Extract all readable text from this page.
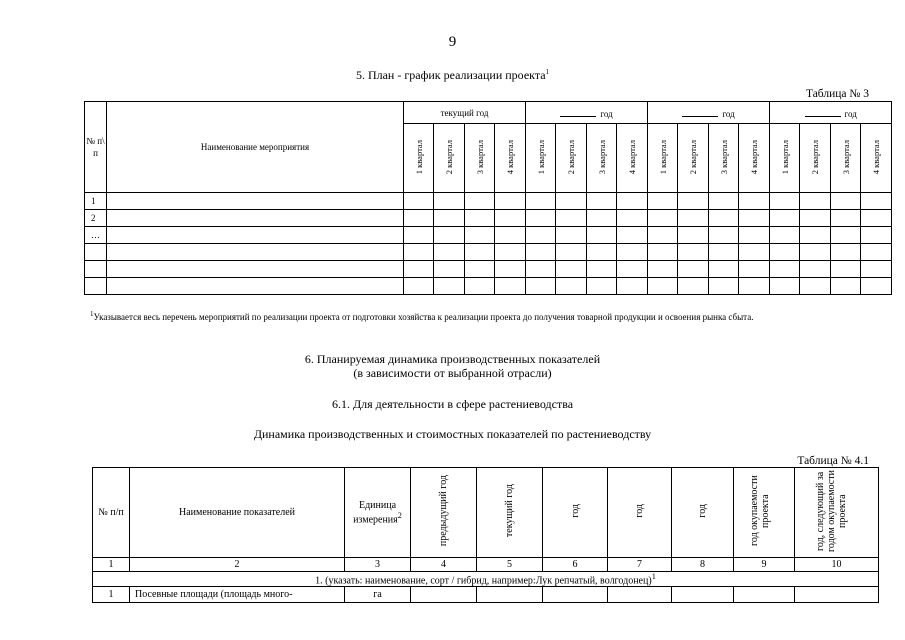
9
5. План - график реализации проекта$^1$
Таблица № 3
№ п\ п	Наименование мероприятия	текущий год				год				год				год			
		1 квартал	2 квартал	3 квартал	4 квартал	1 квартал	2 квартал	3 квартал	4 квартал	1 квартал	2 квартал	3 квартал	4 квартал	1 квартал	2 квартал	3 квартал	4 квартал
1																	
2																	
…																	

$^1$Указывается весь перечень мероприятий по реализации проекта от подготовки хозяйства к реализации проекта до получения товарной продукции и освоения рынка сбыта.
6. Планируемая динамика производственных показателей
(в зависимости от выбранной отрасли)
6.1. Для деятельности в сфере растениеводства
Динамика производственных и стоимостных показателей по растениеводству
Таблица № 4.1
№ п/п	Наименование показателей	Единица измерения$^2$	предыдущий год	текущий год	год	год	год	год окупаемости проекта	год, следующий за годом окупаемости проекта
1	2	3	4	5	6	7	8	9	10
1. (указать: наименование, сорт / гибрид, например:Лук репчатый, волгодонец)$^1$
1	Посевные площади (площадь много-	га							
